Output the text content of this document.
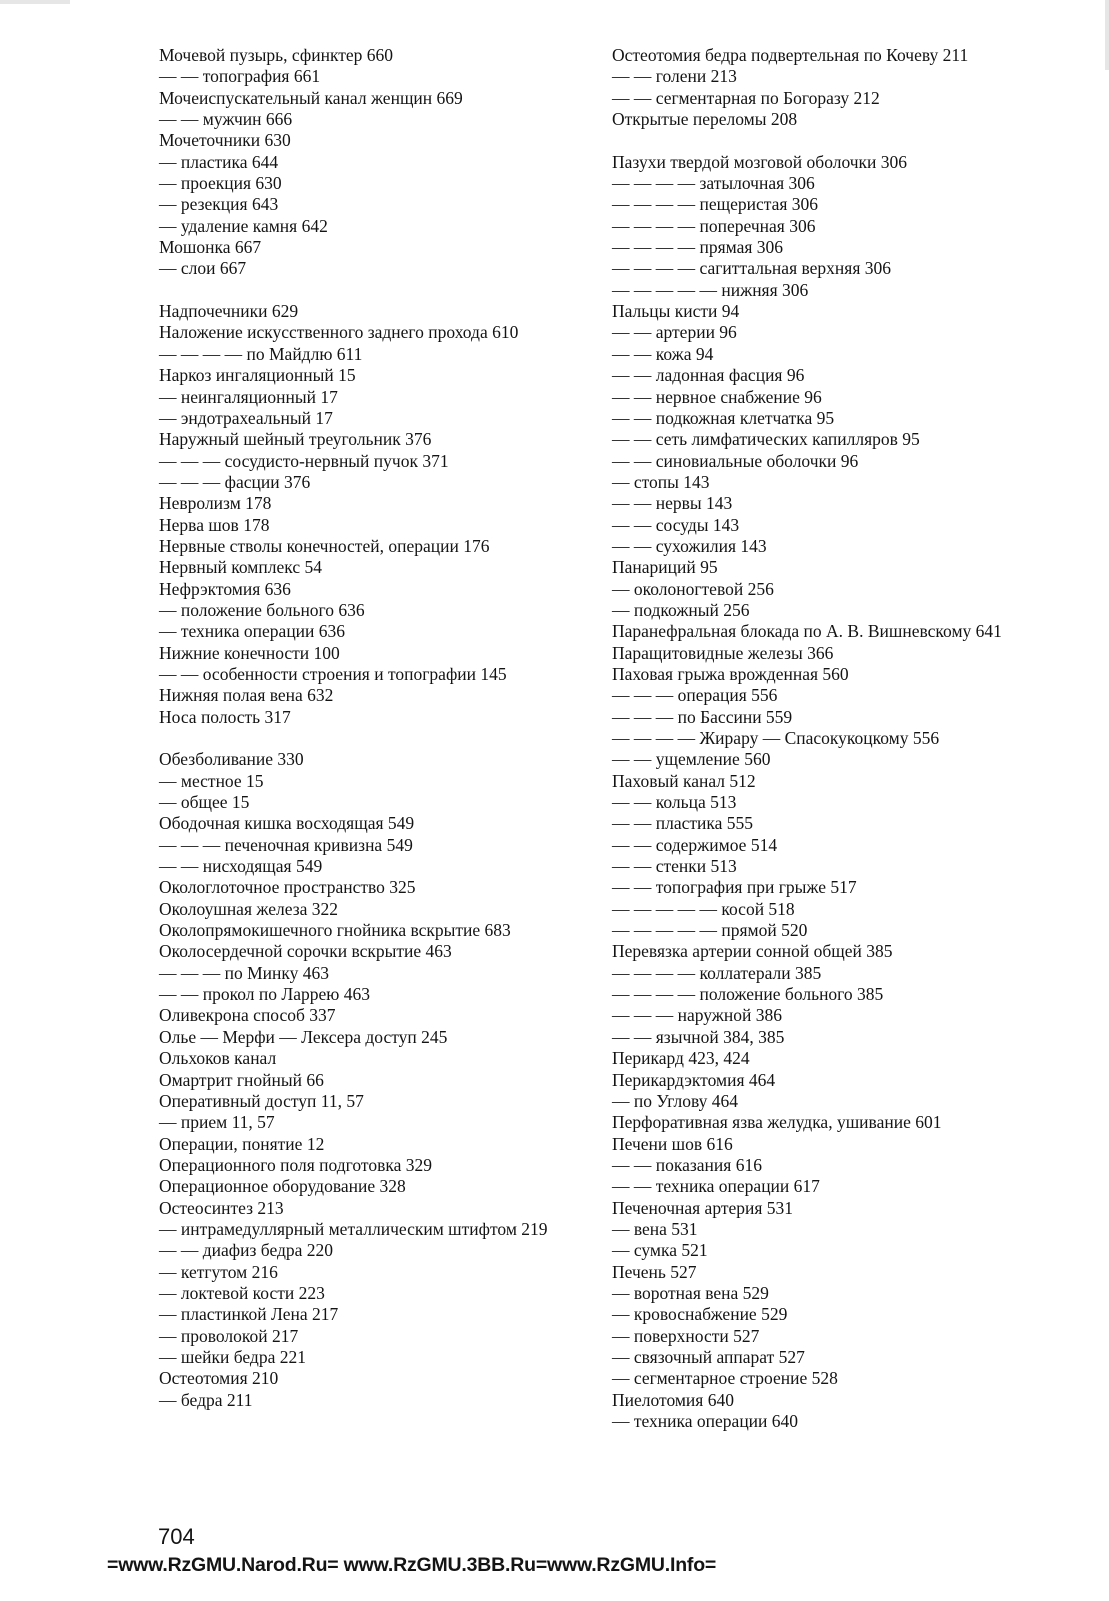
Мочевой пузырь, сфинктер 660
— — топография 661
Мочеиспускательный канал женщин 669
— — мужчин 666
Мочеточники 630
— пластика 644
— проекция 630
— резекция 643
— удаление камня 642
Мошонка 667
— слои 667
Надпочечники 629
Наложение искусственного заднего прохода 610
— — — — по Майдлю 611
Наркоз ингаляционный 15
— неингаляционный 17
— эндотрахеальный 17
Наружный шейный треугольник 376
— — — сосудисто-нервный пучок 371
— — — фасции 376
Невролизм 178
Нерва шов 178
Нервные стволы конечностей, операции 176
Нервный комплекс 54
Нефрэктомия 636
— положение больного 636
— техника операции 636
Нижние конечности 100
— — особенности строения и топографии 145
Нижняя полая вена 632
Носа полость 317
Обезболивание 330
— местное 15
— общее 15
Ободочная кишка восходящая 549
— — — печеночная кривизна 549
— — нисходящая 549
Окологлоточное пространство 325
Околоушная железа 322
Околопрямокишечного гнойника вскрытие 683
Околосердечной сорочки вскрытие 463
— — — по Минку 463
— — прокол по Ларрею 463
Оливекрона способ 337
Олье — Мерфи — Лексера доступ 245
Ольхоков канал
Омартрит гнойный 66
Оперативный доступ 11, 57
— прием 11, 57
Операции, понятие 12
Операционного поля подготовка 329
Операционное оборудование 328
Остеосинтез 213
— интрамедуллярный металлическим штифтом 219
— — диафиз бедра 220
— кетгутом 216
— локтевой кости 223
— пластинкой Лена 217
— проволокой 217
— шейки бедра 221
Остеотомия 210
— бедра 211
Остеотомия бедра подвертельная по Кочеву 211
— — голени 213
— — сегментарная по Богоразу 212
Открытые переломы 208
Пазухи твердой мозговой оболочки 306
— — — — затылочная 306
— — — — пещеристая 306
— — — — поперечная 306
— — — — прямая 306
— — — — сагиттальная верхняя 306
— — — — — нижняя 306
Пальцы кисти 94
— — артерии 96
— — кожа 94
— — ладонная фасция 96
— — нервное снабжение 96
— — подкожная клетчатка 95
— — сеть лимфатических капилляров 95
— — синовиальные оболочки 96
— стопы 143
— — нервы 143
— — сосуды 143
— — сухожилия 143
Панариций 95
— околоногтевой 256
— подкожный 256
Паранефральная блокада по А. В. Вишневскому 641
Паращитовидные железы 366
Паховая грыжа врожденная 560
— — — операция 556
— — — по Бассини 559
— — — — Жирару — Спасокукоцкому 556
— — ущемление 560
Паховый канал 512
— — кольца 513
— — пластика 555
— — содержимое 514
— — стенки 513
— — топография при грыже 517
— — — — — косой 518
— — — — — прямой 520
Перевязка артерии сонной общей 385
— — — — коллатерали 385
— — — — положение больного 385
— — — наружной 386
— — язычной 384, 385
Перикард 423, 424
Перикардэктомия 464
— по Углову 464
Перфоративная язва желудка, ушивание 601
Печени шов 616
— — показания 616
— — техника операции 617
Печеночная артерия 531
— вена 531
— сумка 521
Печень 527
— воротная вена 529
— кровоснабжение 529
— поверхности 527
— связочный аппарат 527
— сегментарное строение 528
Пиелотомия 640
— техника операции 640
704
=www.RzGMU.Narod.Ru= www.RzGMU.3BB.Ru=www.RzGMU.Info=
